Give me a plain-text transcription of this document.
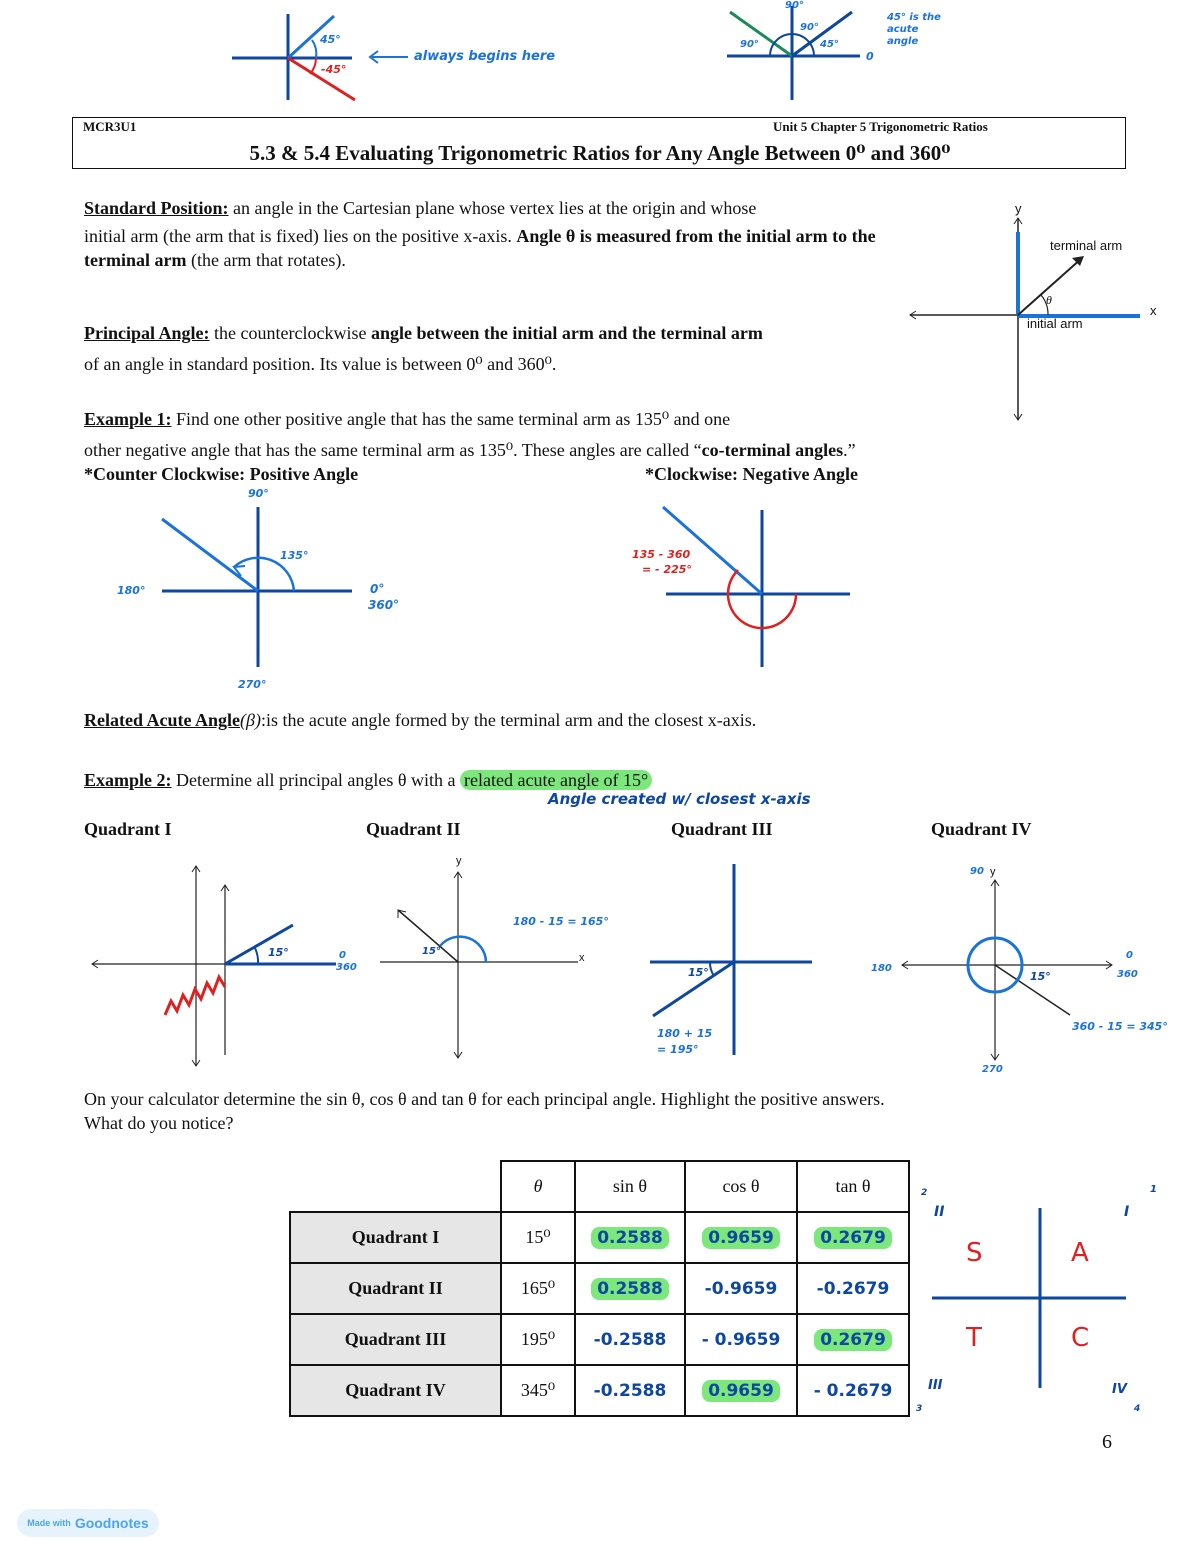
45°
-45°
always begins here
90°
90°
90°
45°
0
45° is the acute angle
MCR3U1	Unit 5 Chapter 5 Trigonometric Ratios
5.3 & 5.4 Evaluating Trigonometric Ratios for Any Angle Between 0⁰ and 360⁰
Standard Position: an angle in the Cartesian plane whose vertex lies at the origin and whose
initial arm (the arm that is fixed) lies on the positive x-axis. Angle θ is measured from the initial arm to the terminal arm (the arm that rotates).
y
x
terminal arm
initial arm
θ
Principal Angle: the counterclockwise angle between the initial arm and the terminal arm
of an angle in standard position. Its value is between 0⁰ and 360⁰.
Example 1: Find one other positive angle that has the same terminal arm as 135⁰ and one
other negative angle that has the same terminal arm as 135⁰. These angles are called “co-terminal angles.”
*Counter Clockwise: Positive Angle	*Clockwise: Negative Angle
90°
135°
180°	0°
360°
270°
135 - 360
= - 225°
Related Acute Angle(β):is the acute angle formed by the terminal arm and the closest x-axis.
Example 2: Determine all principal angles θ with a related acute angle of 15°
Angle created w/ closest x-axis
Quadrant I	Quadrant II	Quadrant III	Quadrant IV
15°	0
360
y
x
15°
180 - 15 = 165°
15°
180 + 15
= 195°
90 y
180
0
360
270
15°
360 - 15 = 345°
On your calculator determine the sin θ, cos θ and tan θ for each principal angle. Highlight the positive answers.
What do you notice?
	θ	sin θ	cos θ	tan θ
Quadrant I	15⁰	0.2588	0.9659	0.2679
Quadrant II	165⁰	0.2588	-0.9659	-0.2679
Quadrant III	195⁰	-0.2588	- 0.9659	0.2679
Quadrant IV	345⁰	-0.2588	0.9659	- 0.2679
2
II
1
I
S	A
T	C
III
3
IV
4
6
Made with Goodnotes
